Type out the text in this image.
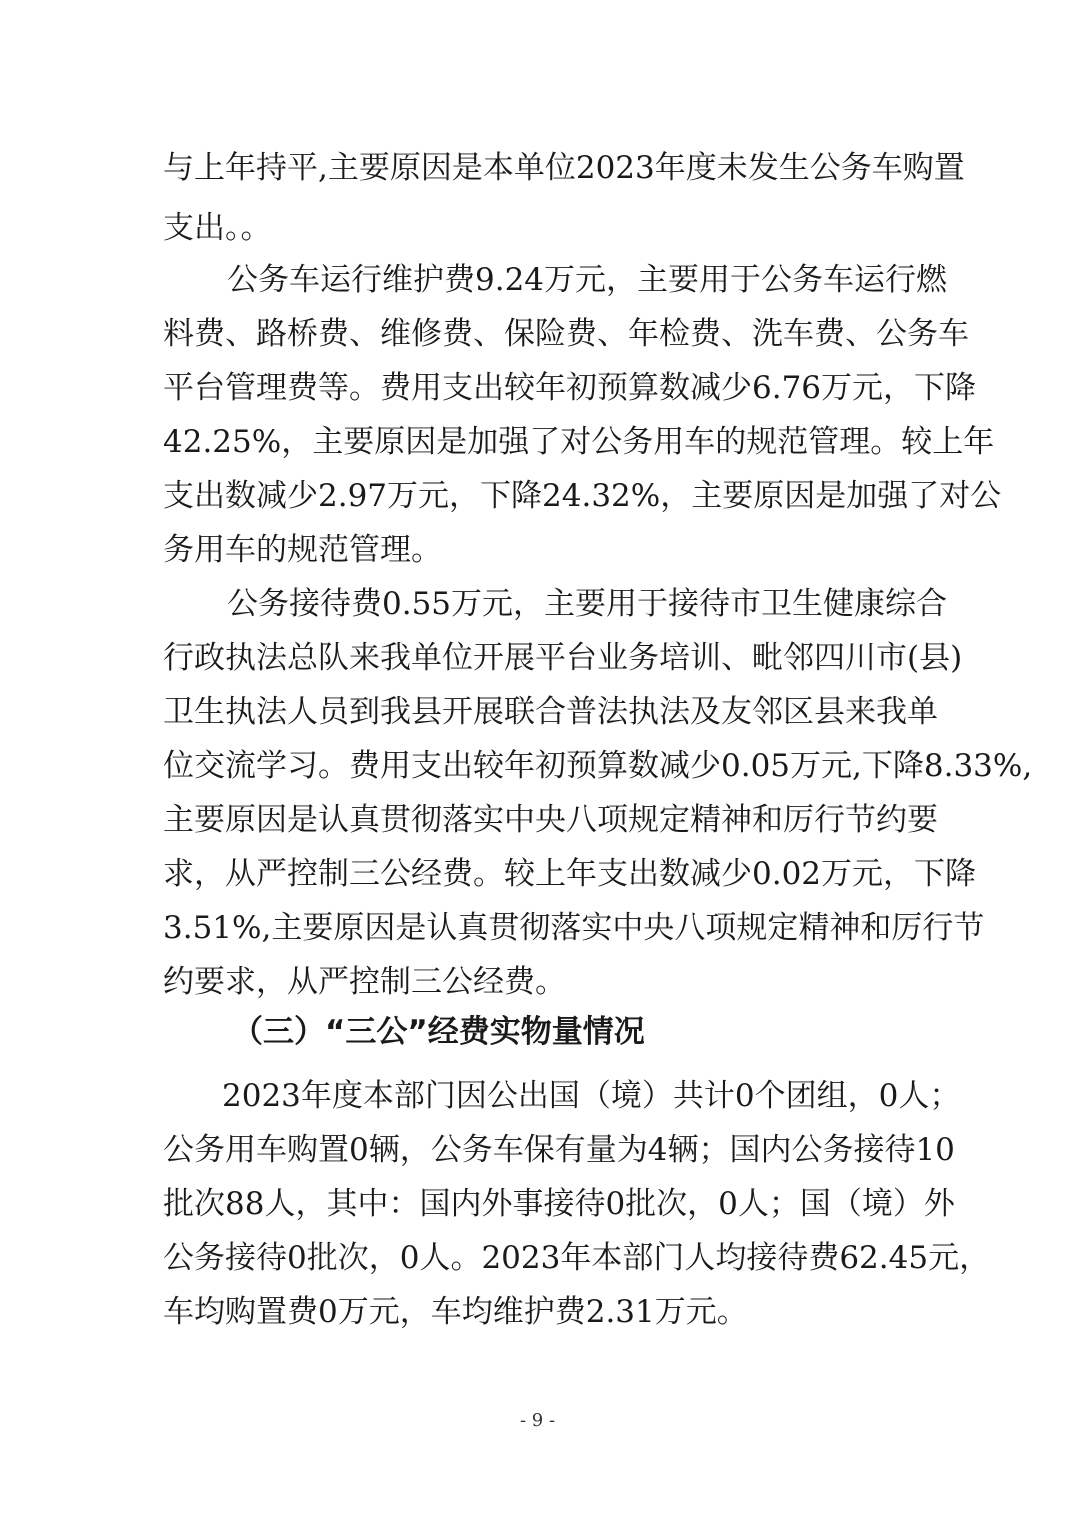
与上年持平,主要原因是本单位2023年度未发生公务车购置
支出。。
公务车运行维护费9.24万元，主要用于公务车运行燃
料费、路桥费、维修费、保险费、年检费、洗车费、公务车
平台管理费等。费用支出较年初预算数减少6.76万元，下降
42.25%，主要原因是加强了对公务用车的规范管理。较上年
支出数减少2.97万元，下降24.32%，主要原因是加强了对公
务用车的规范管理。
公务接待费0.55万元，主要用于接待市卫生健康综合
行政执法总队来我单位开展平台业务培训、毗邻四川市(县)
卫生执法人员到我县开展联合普法执法及友邻区县来我单
位交流学习。费用支出较年初预算数减少0.05万元,下降8.33%,
主要原因是认真贯彻落实中央八项规定精神和厉行节约要
求，从严控制三公经费。较上年支出数减少0.02万元，下降
3.51%,主要原因是认真贯彻落实中央八项规定精神和厉行节
约要求，从严控制三公经费。
（三）“三公”经费实物量情况
2023年度本部门因公出国（境）共计0个团组，0人；
公务用车购置0辆，公务车保有量为4辆；国内公务接待10
批次88人，其中：国内外事接待0批次，0人；国（境）外
公务接待0批次，0人。2023年本部门人均接待费62.45元，
车均购置费0万元，车均维护费2.31万元。
- 9 -
